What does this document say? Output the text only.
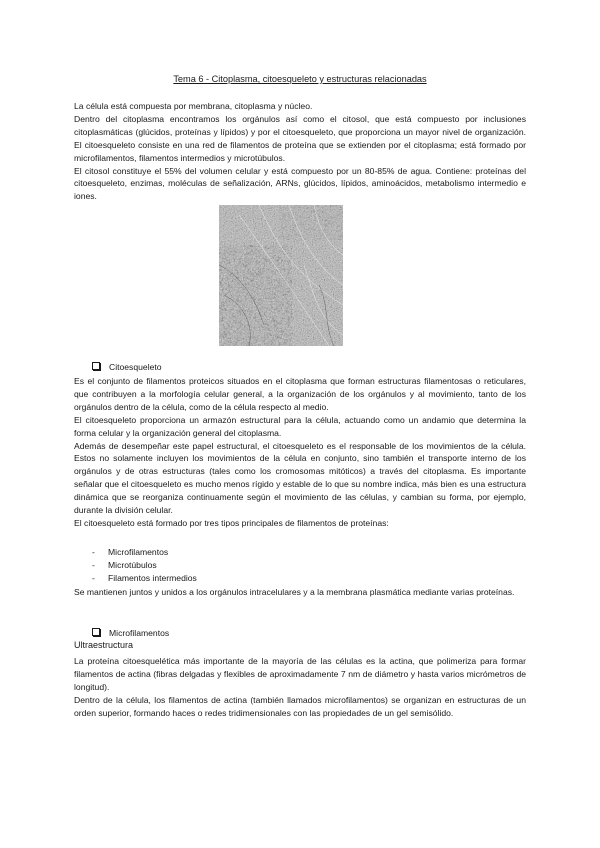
Tema 6 - Citoplasma, citoesqueleto y estructuras relacionadas

La célula está compuesta por membrana, citoplasma y núcleo.

Dentro del citoplasma encontramos los orgánulos así como el citosol, que está compuesto por inclusiones citoplasmáticas (glúcidos, proteínas y lípidos) y por el citoesqueleto, que proporciona un mayor nivel de organización. El citoesqueleto consiste en una red de filamentos de proteína que se extienden por el citoplasma; está formado por microfilamentos, filamentos intermedios y microtúbulos.

El citosol constituye el 55% del volumen celular y está compuesto por un 80-85% de agua. Contiene: proteínas del citoesqueleto, enzimas, moléculas de señalización, ARNs, glúcidos, lípidos, aminoácidos, metabolismo intermedio e iones.

Citoesqueleto

Es el conjunto de filamentos proteicos situados en el citoplasma que forman estructuras filamentosas o reticulares, que contribuyen a la morfología celular general, a la organización de los orgánulos y al movimiento, tanto de los orgánulos dentro de la célula, como de la célula respecto al medio.

El citoesqueleto proporciona un armazón estructural para la célula, actuando como un andamio que determina la forma celular y la organización general del citoplasma.

Además de desempeñar este papel estructural, el citoesqueleto es el responsable de los movimientos de la célula. Estos no solamente incluyen los movimientos de la célula en conjunto, sino también el transporte interno de los orgánulos y de otras estructuras (tales como los cromosomas mitóticos) a través del citoplasma. Es importante señalar que el citoesqueleto es mucho menos rígido y estable de lo que su nombre indica, más bien es una estructura dinámica que se reorganiza continuamente según el movimiento de las células, y cambian su forma, por ejemplo, durante la división celular.

El citoesqueleto está formado por tres tipos principales de filamentos de proteínas:

-	Microfilamentos
-	Microtúbulos
-	Filamentos intermedios

Se mantienen juntos y unidos a los orgánulos intracelulares y a la membrana plasmática mediante varias proteínas.

Microfilamentos
Ultraestructura

La proteína citoesquelética más importante de la mayoría de las células es la actina, que polimeriza para formar filamentos de actina (fibras delgadas y flexibles de aproximadamente 7 nm de diámetro y hasta varios micrómetros de longitud).

Dentro de la célula, los filamentos de actina (también llamados microfilamentos) se organizan en estructuras de un orden superior, formando haces o redes tridimensionales con las propiedades de un gel semisólido.
